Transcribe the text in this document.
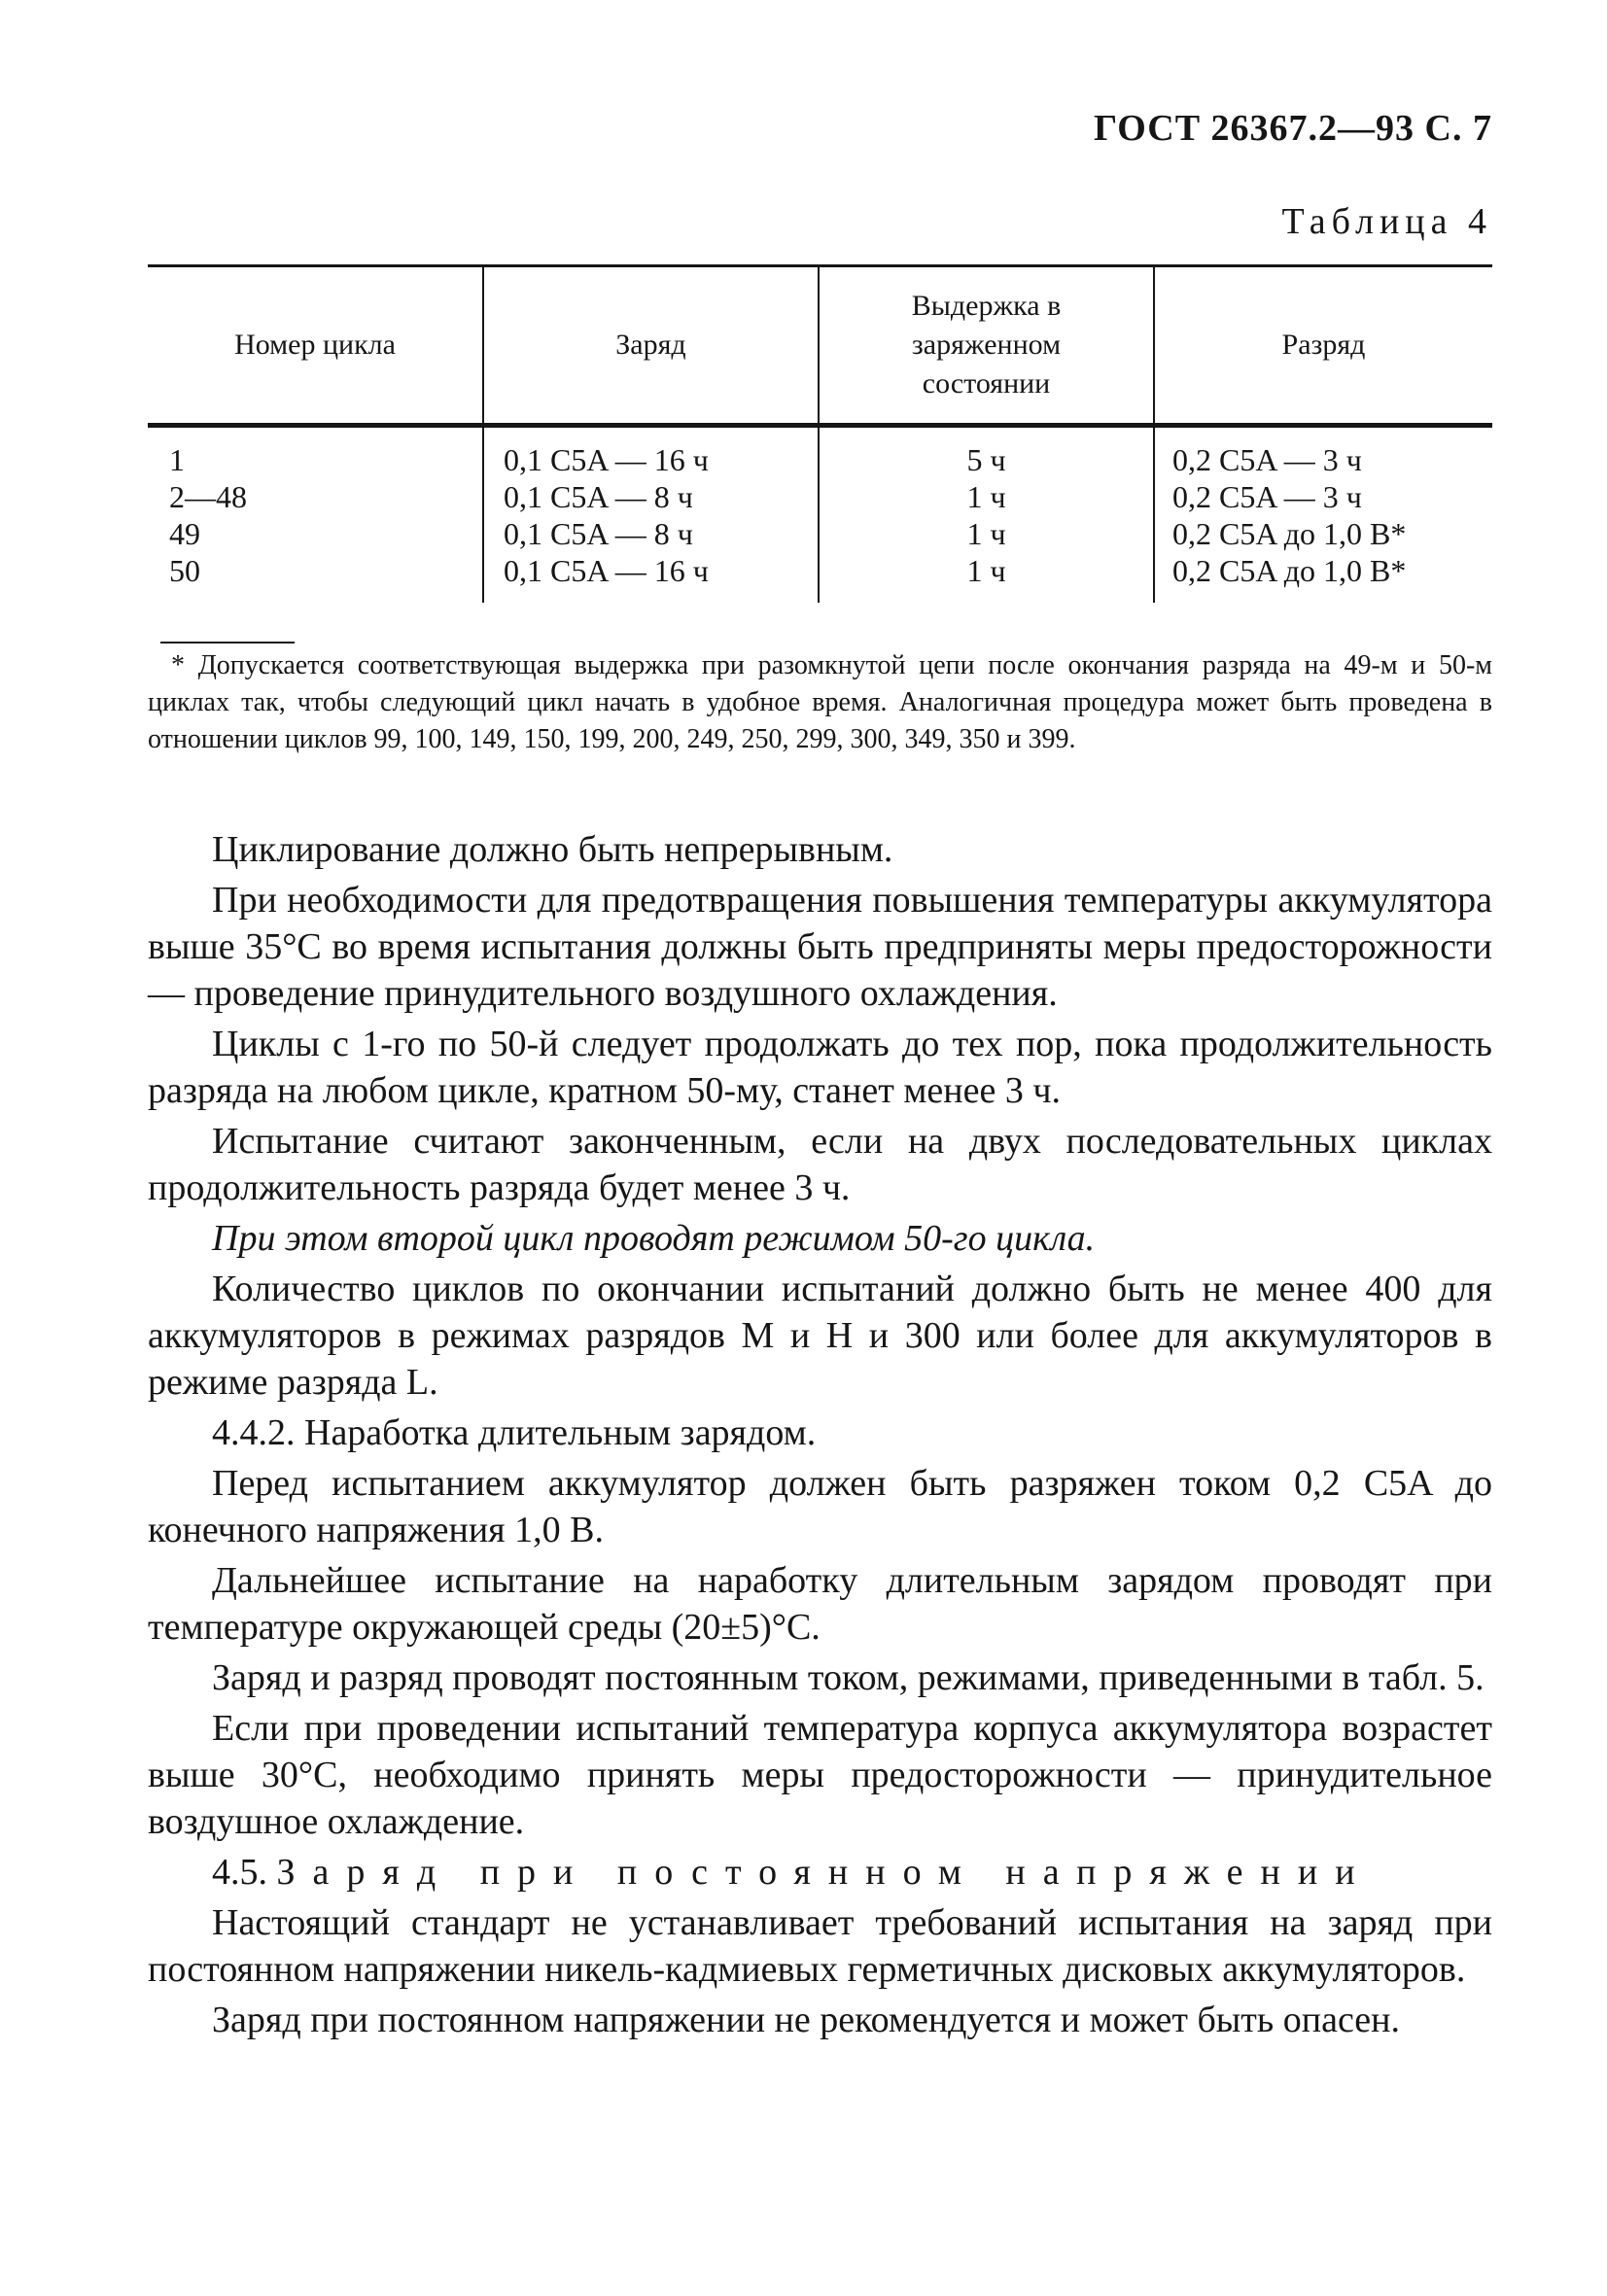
ГОСТ 26367.2—93 С. 7
Таблица 4
Номер цикла	Заряд	Выдержка в заряженном состоянии	Разряд
1	0,1 C5A — 16 ч	5 ч	0,2 C5A — 3 ч
2—48	0,1 C5A — 8 ч	1 ч	0,2 C5A — 3 ч
49	0,1 C5A — 8 ч	1 ч	0,2 C5A до 1,0 В*
50	0,1 C5A — 16 ч	1 ч	0,2 C5A до 1,0 В*
* Допускается соответствующая выдержка при разомкнутой цепи после окончания разряда на 49-м и 50-м циклах так, чтобы следующий цикл начать в удобное время. Аналогичная процедура может быть проведена в отношении циклов 99, 100, 149, 150, 199, 200, 249, 250, 299, 300, 349, 350 и 399.

Циклирование должно быть непрерывным.

При необходимости для предотвращения повышения температуры аккумулятора выше 35°С во время испытания должны быть предприняты меры предосторожности — проведение принудительного воздушного охлаждения.

Циклы с 1-го по 50-й следует продолжать до тех пор, пока продолжительность разряда на любом цикле, кратном 50-му, станет менее 3 ч.

Испытание считают законченным, если на двух последовательных циклах продолжительность разряда будет менее 3 ч.

При этом второй цикл проводят режимом 50-го цикла.

Количество циклов по окончании испытаний должно быть не менее 400 для аккумуляторов в режимах разрядов М и Н и 300 или более для аккумуляторов в режиме разряда L.

4.4.2. Наработка длительным зарядом.

Перед испытанием аккумулятор должен быть разряжен током 0,2 C5A до конечного напряжения 1,0 В.

Дальнейшее испытание на наработку длительным зарядом проводят при температуре окружающей среды (20±5)°С.

Заряд и разряд проводят постоянным током, режимами, приведенными в табл. 5.

Если при проведении испытаний температура корпуса аккумулятора возрастет выше 30°С, необходимо принять меры предосторожности — принудительное воздушное охлаждение.

4.5. Заряд при постоянном напряжении

Настоящий стандарт не устанавливает требований испытания на заряд при постоянном напряжении никель-кадмиевых герметичных дисковых аккумуляторов.

Заряд при постоянном напряжении не рекомендуется и может быть опасен.
